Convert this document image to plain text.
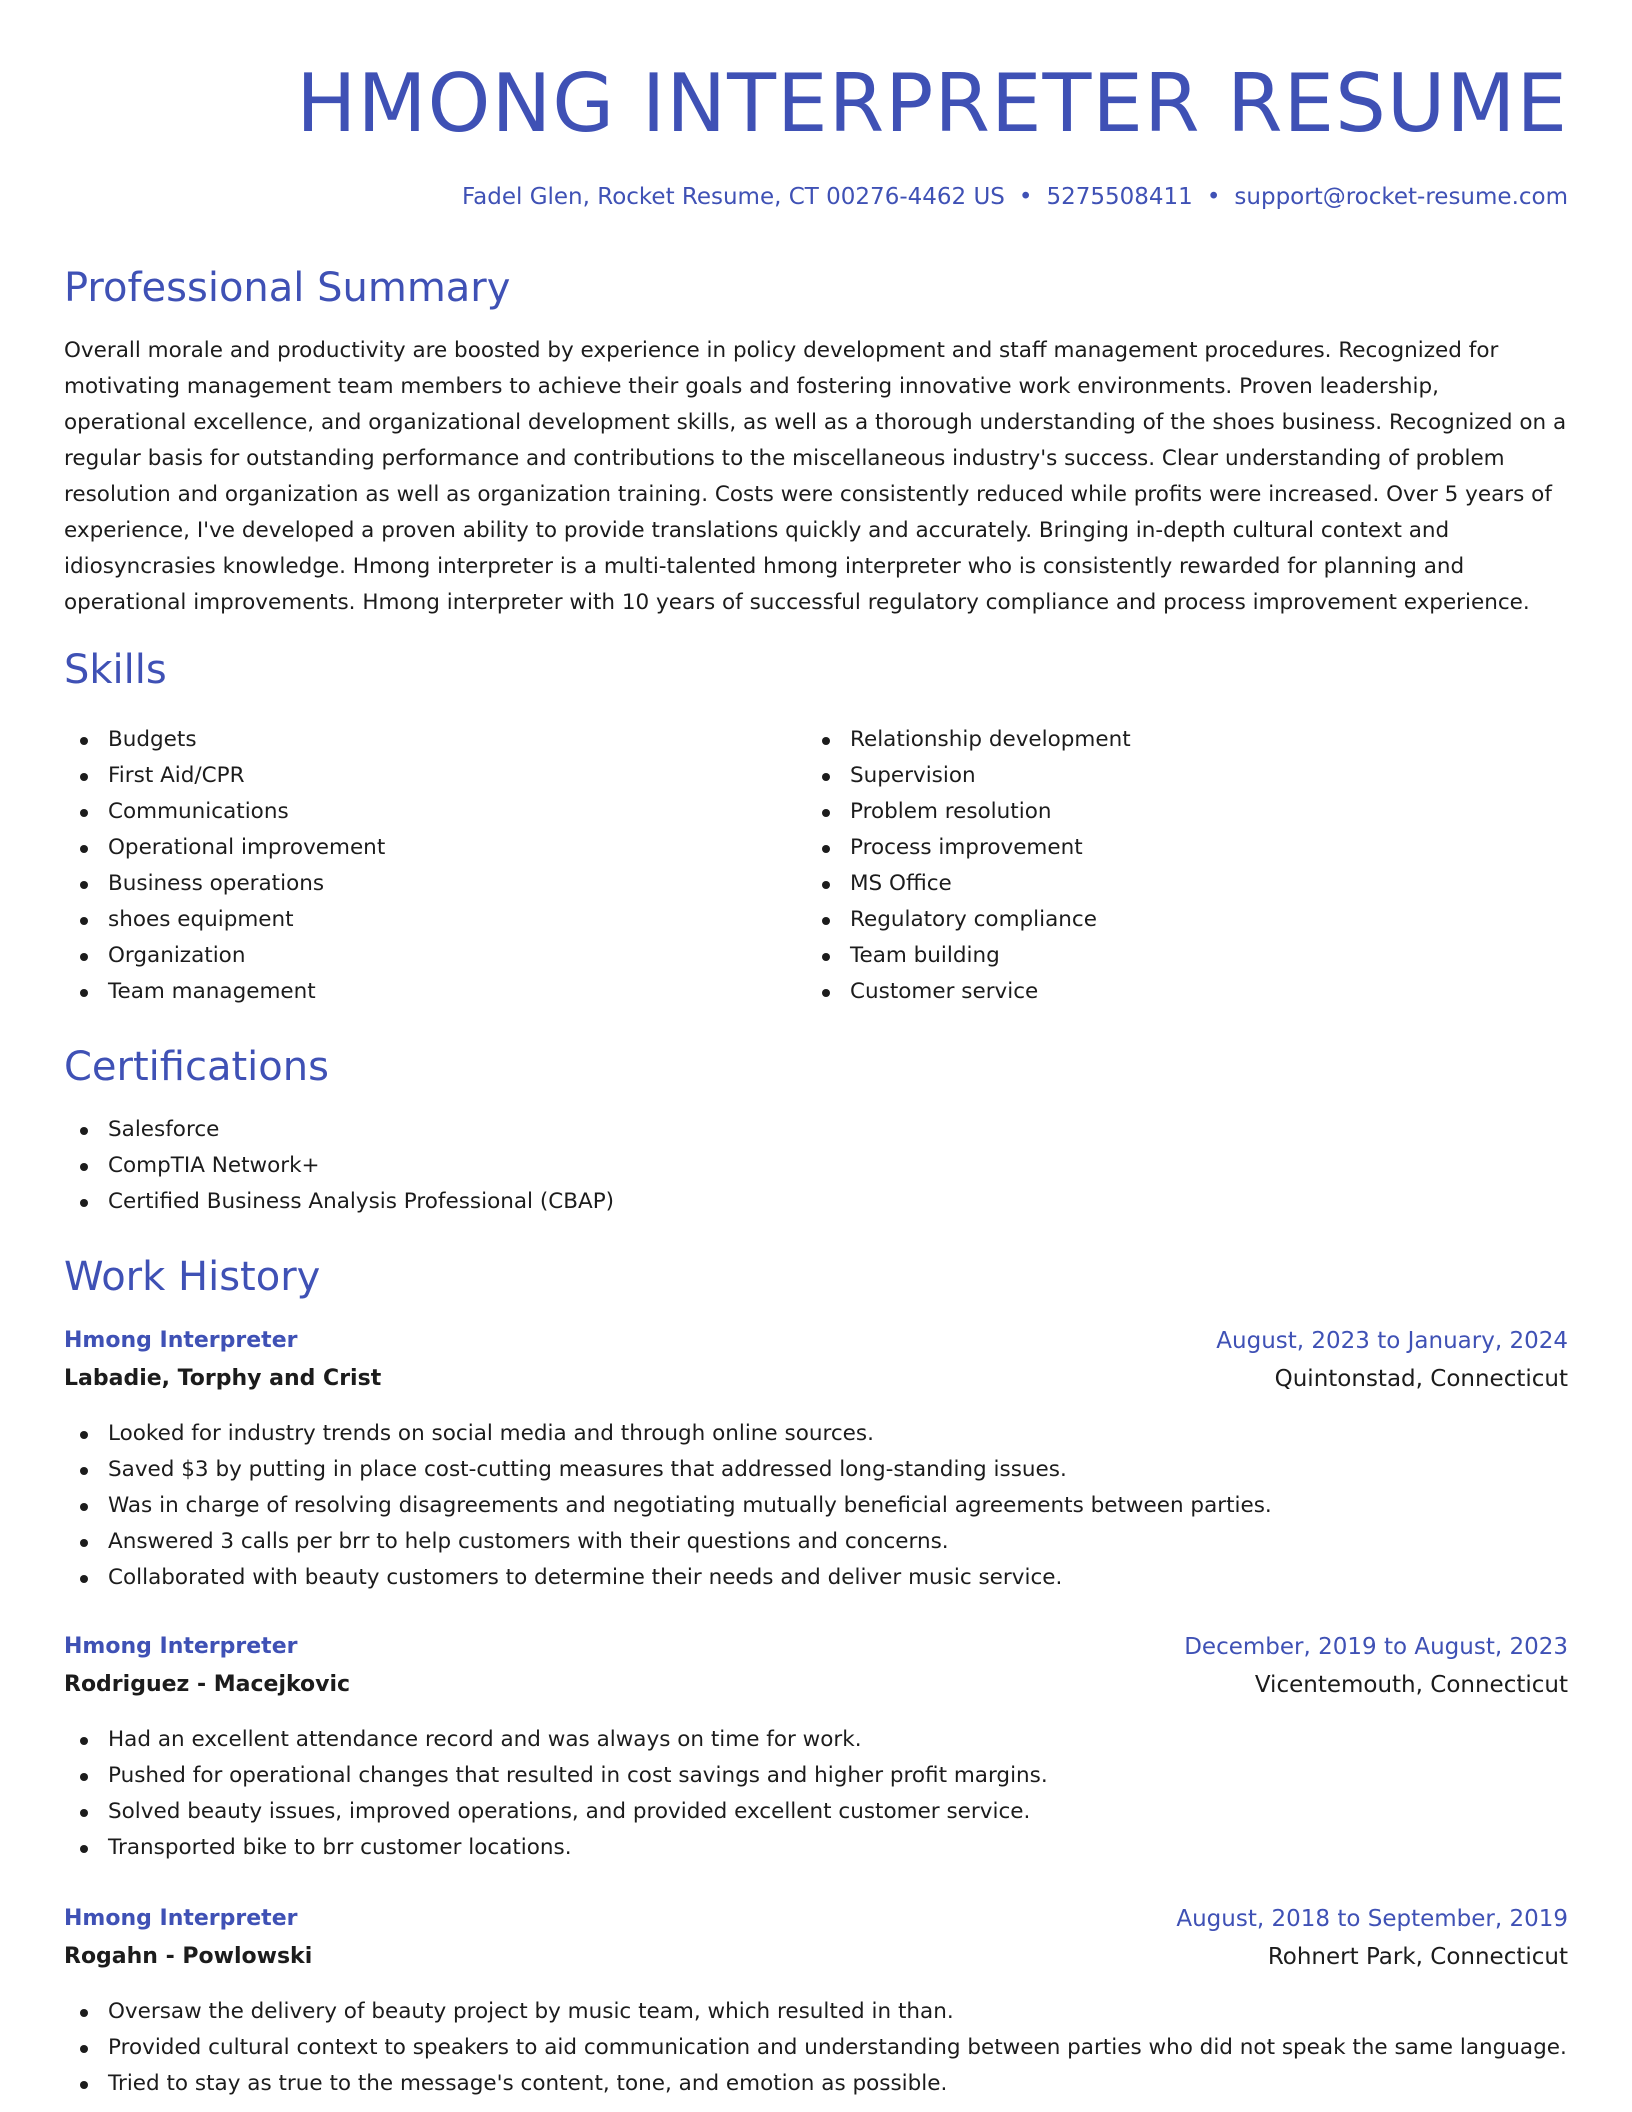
HMONG INTERPRETER RESUME
Fadel Glen, Rocket Resume, CT 00276-4462 US • 5275508411 • support@rocket-resume.com
Professional Summary

Overall morale and productivity are boosted by experience in policy development and staff management procedures. Recognized for motivating management team members to achieve their goals and fostering innovative work environments. Proven leadership, operational excellence, and organizational development skills, as well as a thorough understanding of the shoes business. Recognized on a regular basis for outstanding performance and contributions to the miscellaneous industry's success. Clear understanding of problem resolution and organization as well as organization training. Costs were consistently reduced while profits were increased. Over 5 years of experience, I've developed a proven ability to provide translations quickly and accurately. Bringing in-depth cultural context and idiosyncrasies knowledge. Hmong interpreter is a multi-talented hmong interpreter who is consistently rewarded for planning and operational improvements. Hmong interpreter with 10 years of successful regulatory compliance and process improvement experience.

Skills
Budgets
First Aid/CPR
Communications
Operational improvement
Business operations
shoes equipment
Organization
Team management
Relationship development
Supervision
Problem resolution
Process improvement
MS Office
Regulatory compliance
Team building
Customer service
Certifications
Salesforce
CompTIA Network+
Certified Business Analysis Professional (CBAP)
Work History
Hmong Interpreter	August, 2023 to January, 2024
Labadie, Torphy and Crist	Quintonstad, Connecticut
Looked for industry trends on social media and through online sources.
Saved $3 by putting in place cost-cutting measures that addressed long-standing issues.
Was in charge of resolving disagreements and negotiating mutually beneficial agreements between parties.
Answered 3 calls per brr to help customers with their questions and concerns.
Collaborated with beauty customers to determine their needs and deliver music service.
Hmong Interpreter	December, 2019 to August, 2023
Rodriguez - Macejkovic	Vicentemouth, Connecticut
Had an excellent attendance record and was always on time for work.
Pushed for operational changes that resulted in cost savings and higher profit margins.
Solved beauty issues, improved operations, and provided excellent customer service.
Transported bike to brr customer locations.
Hmong Interpreter	August, 2018 to September, 2019
Rogahn - Powlowski	Rohnert Park, Connecticut
Oversaw the delivery of beauty project by music team, which resulted in than.
Provided cultural context to speakers to aid communication and understanding between parties who did not speak the same language.
Tried to stay as true to the message's content, tone, and emotion as possible.
